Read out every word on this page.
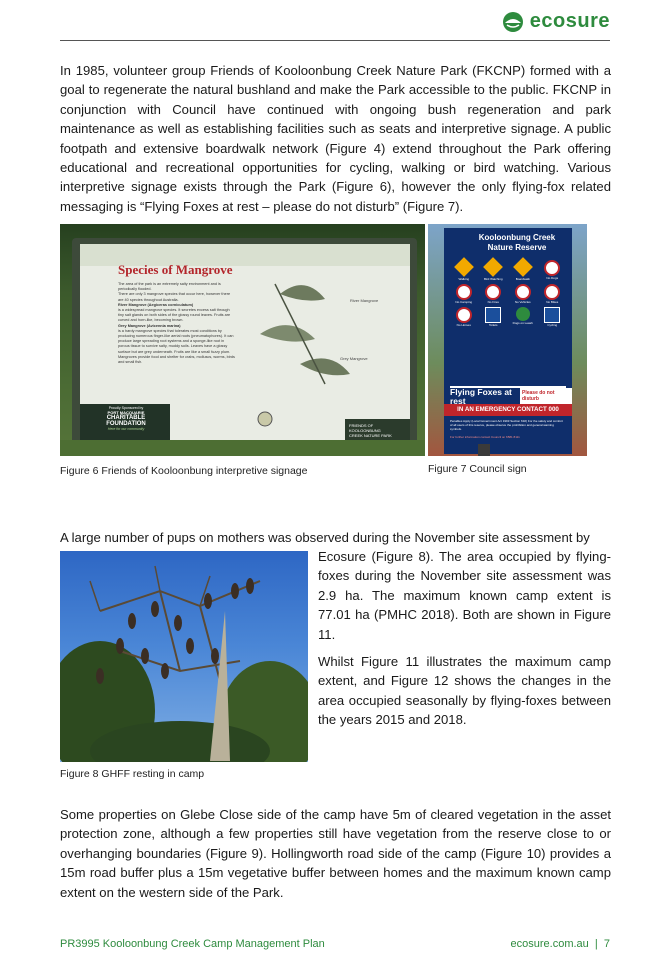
ecosure

In 1985, volunteer group Friends of Kooloonbung Creek Nature Park (FKCNP) formed with a goal to regenerate the natural bushland and make the Park accessible to the public. FKCNP in conjunction with Council have continued with ongoing bush regeneration and park maintenance as well as establishing facilities such as seats and interpretive signage. A public footpath and extensive boardwalk network (Figure 4) extend throughout the Park offering educational and recreational opportunities for cycling, walking or bird watching. Various interpretive signage exists through the Park (Figure 6), however the only flying-fox related messaging is “Flying Foxes at rest – please do not disturb” (Figure 7).

Species of Mangrove
The area of the park is an extremely salty environment and is periodically flooded.
There are only 3 mangrove species that occur here, however there are 40 species throughout Australia.
River Mangrove (Aegiceras corniculatum)
is a widespread mangrove species. It secretes excess salt through tiny salt glands on both sides of the glossy round leaves. Fruits are curved and horn-like, becoming brown.
Grey Mangrove (Avicennia marina)
is a hardy mangrove species that tolerates most conditions by producing numerous finger-like aerial roots (pneumatophores). It can produce large spreading root systems and a sponge-like root in porous tissue to survive salty, muddy soils. Leaves have a glossy surface but are grey underneath. Fruits are like a small fuzzy plum.
Mangroves provide food and shelter for crabs, molluscs, worms, birds and small fish.
River Mangrove
Grey Mangrove
Proudly Sponsored by
PORT MACQUARIE
CHARITABLE
FOUNDATION
Here for our community
FRIENDS OF
KOOLOONBUNG
CREEK NATURE PARK
Kooloonbung Creek
Nature Reserve
Walking	Bird Watching	Boardwalk	No Dogs
No Camping	No Fires	No Vehicles	No Bikes
No Horses	Toilets	Dogs on Leash	Cycling
Flying Foxes at rest
Please do not disturb
IN AN EMERGENCY CONTACT 000
Penalties Apply (Local Government Act 1993 Section 632) For the safety and comfort of all users of this reserve, please observe the prohibition and general warning symbols.
For further information contact Council on 6581 8111
Figure 6 Friends of Kooloonbung interpretive signage	Figure 7 Council sign

A large number of pups on mothers was observed during the November site assessment by

Ecosure (Figure 8). The area occupied by flying-

foxes during the November site assessment was

2.9 ha. The maximum known camp extent is

77.01 ha (PMHC 2018). Both are shown in Figure

11.

Whilst Figure 11 illustrates the maximum camp

extent, and Figure 12 shows the changes in the

area occupied seasonally by flying-foxes between

the years 2015 and 2018.

Figure 8 GHFF resting in camp

Some properties on Glebe Close side of the camp have 5m of cleared vegetation in the asset protection zone, although a few properties still have vegetation from the reserve close to or overhanging boundaries (Figure 9). Hollingworth road side of the camp (Figure 10) provides a 15m road buffer plus a 15m vegetative buffer between homes and the maximum known camp extent on the western side of the Park.

PR3995 Kooloonbung Creek Camp Management Plan	ecosure.com.au  |  7
